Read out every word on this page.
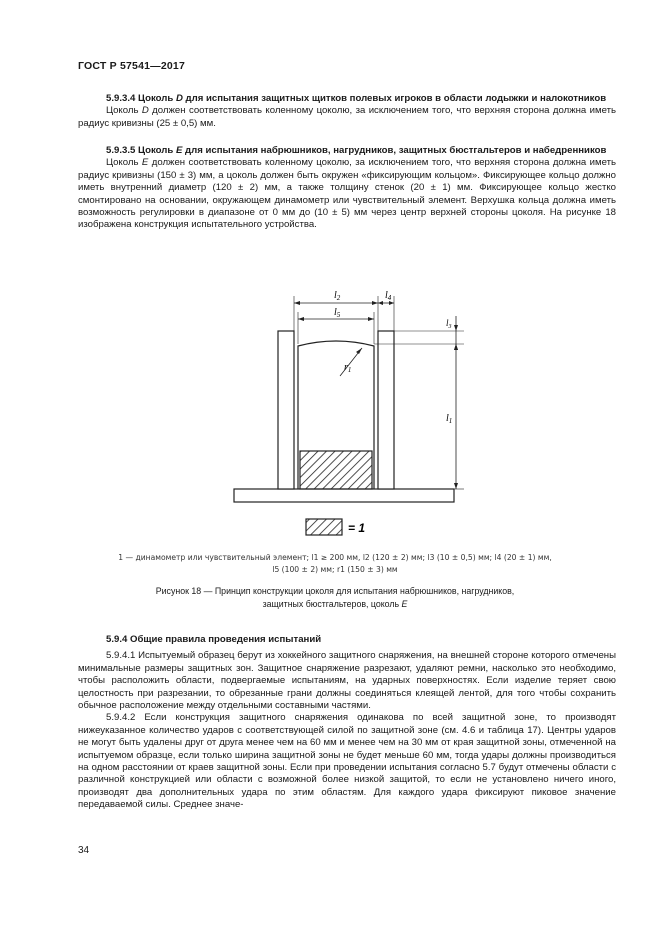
ГОСТ Р 57541—2017

5.9.3.4 Цоколь D для испытания защитных щитков полевых игроков в области лодыжки и налокотников

Цоколь D должен соответствовать коленному цоколю, за исключением того, что верхняя сторона должна иметь радиус кривизны (25 ± 0,5) мм.

5.9.3.5 Цоколь E для испытания набрюшников, нагрудников, защитных бюстгальтеров и набедренников

Цоколь E должен соответствовать коленному цоколю, за исключением того, что верхняя сторона должна иметь радиус кривизны (150 ± 3) мм, а цоколь должен быть окружен «фиксирующим кольцом». Фиксирующее кольцо должно иметь внутренний диаметр (120 ± 2) мм, а также толщину стенок (20 ± 1) мм. Фиксирующее кольцо жестко смонтировано на основании, окружающем динамометр или чувствительный элемент. Верхушка кольца должна иметь возможность регулировки в диапазоне от 0 мм до (10 ± 5) мм через центр верхней стороны цоколя. На рисунке 18 изображена конструкция испытательного устройства.

$l_2$
$l_5$
$l_4$
$l_3$
$l_1$
$r_1$
= 1
1 — динамометр или чувствительный элемент; l1 ≥ 200 мм, l2 (120 ± 2) мм; l3 (10 ± 0,5) мм; l4 (20 ± 1) мм,
l5 (100 ± 2) мм; r1 (150 ± 3) мм
Рисунок 18 — Принцип конструкции цоколя для испытания набрюшников, нагрудников,
защитных бюстгальтеров, цоколь E

5.9.4 Общие правила проведения испытаний

5.9.4.1 Испытуемый образец берут из хоккейного защитного снаряжения, на внешней стороне которого отмечены минимальные размеры защитных зон. Защитное снаряжение разрезают, удаляют ремни, насколько это необходимо, чтобы расположить области, подвергаемые испытаниям, на ударных поверхностях. Если изделие теряет свою целостность при разрезании, то обрезанные грани должны соединяться клеящей лентой, для того чтобы сохранить обычное расположение между отдельными составными частями.

5.9.4.2 Если конструкция защитного снаряжения одинакова по всей защитной зоне, то производят нижеуказанное количество ударов с соответствующей силой по защитной зоне (см. 4.6 и таблица 17). Центры ударов не могут быть удалены друг от друга менее чем на 60 мм и менее чем на 30 мм от края защитной зоны, отмеченной на испытуемом образце, если только ширина защитной зоны не будет меньше 60 мм, тогда удары должны производиться на одном расстоянии от краев защитной зоны. Если при проведении испытания согласно 5.7 будут отмечены области с различной конструкцией или области с возможной более низкой защитой, то если не установлено ничего иного, производят два дополнительных удара по этим областям. Для каждого удара фиксируют пиковое значение передаваемой силы. Среднее значе-

34
